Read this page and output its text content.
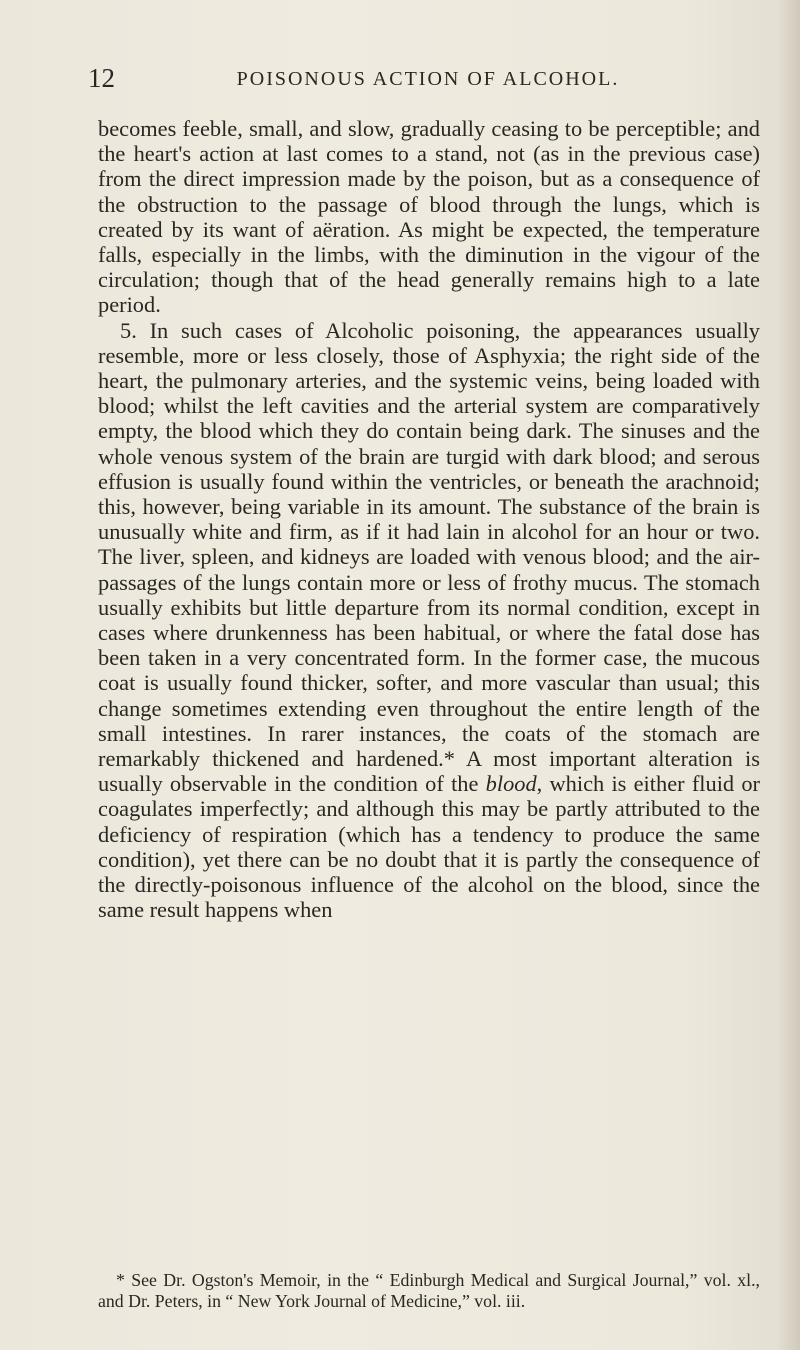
12	POISONOUS ACTION OF ALCOHOL.

becomes feeble, small, and slow, gradually ceasing to be perceptible; and the heart's action at last comes to a stand, not (as in the previous case) from the direct impression made by the poison, but as a consequence of the obstruction to the passage of blood through the lungs, which is created by its want of aëration. As might be expected, the temperature falls, especially in the limbs, with the diminution in the vigour of the circulation; though that of the head generally remains high to a late period.

5. In such cases of Alcoholic poisoning, the appearances usually resemble, more or less closely, those of Asphyxia; the right side of the heart, the pulmonary arteries, and the systemic veins, being loaded with blood; whilst the left cavities and the arterial system are comparatively empty, the blood which they do contain being dark. The sinuses and the whole venous system of the brain are turgid with dark blood; and serous effusion is usually found within the ventricles, or beneath the arachnoid; this, however, being variable in its amount. The substance of the brain is unusually white and firm, as if it had lain in alcohol for an hour or two. The liver, spleen, and kidneys are loaded with venous blood; and the air-passages of the lungs contain more or less of frothy mucus. The stomach usually exhibits but little departure from its normal condition, except in cases where drunkenness has been habitual, or where the fatal dose has been taken in a very concentrated form. In the former case, the mucous coat is usually found thicker, softer, and more vascular than usual; this change sometimes extending even throughout the entire length of the small intestines. In rarer instances, the coats of the stomach are remarkably thickened and hardened.* A most important alteration is usually observable in the condition of the blood, which is either fluid or coagulates imperfectly; and although this may be partly attributed to the deficiency of respiration (which has a tendency to produce the same condition), yet there can be no doubt that it is partly the consequence of the directly-poisonous influence of the alcohol on the blood, since the same result happens when

* See Dr. Ogston's Memoir, in the “ Edinburgh Medical and Surgical Journal,” vol. xl., and Dr. Peters, in “ New York Journal of Medicine,” vol. iii.
